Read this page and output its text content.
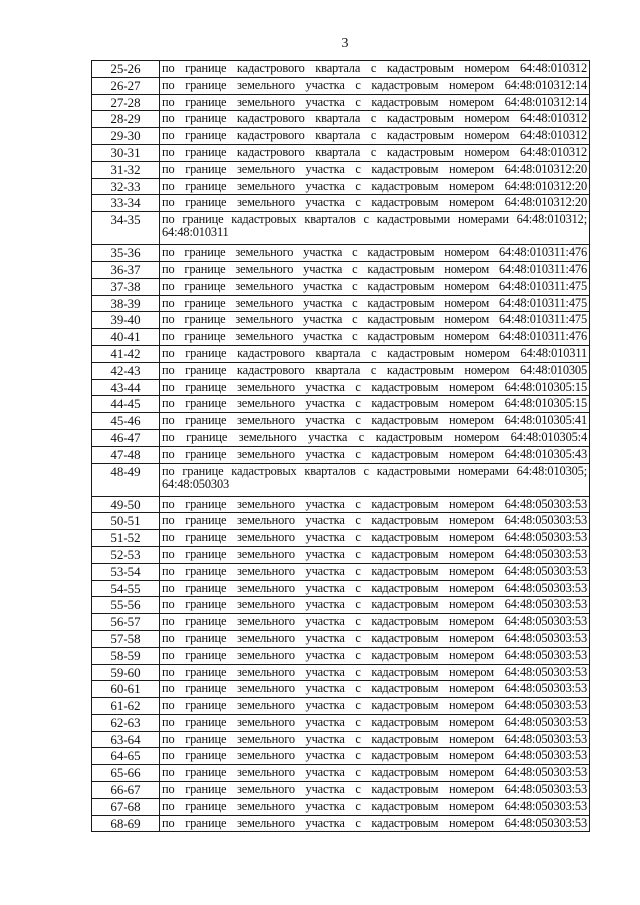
3
25-26	по границе кадастрового квартала с кадастровым номером 64:48:010312
26-27	по границе земельного участка с кадастровым номером 64:48:010312:14
27-28	по границе земельного участка с кадастровым номером 64:48:010312:14
28-29	по границе кадастрового квартала с кадастровым номером 64:48:010312
29-30	по границе кадастрового квартала с кадастровым номером 64:48:010312
30-31	по границе кадастрового квартала с кадастровым номером 64:48:010312
31-32	по границе земельного участка с кадастровым номером 64:48:010312:20
32-33	по границе земельного участка с кадастровым номером 64:48:010312:20
33-34	по границе земельного участка с кадастровым номером 64:48:010312:20
34-35	по границе кадастровых кварталов с кадастровыми номерами 64:48:010312; 64:48:010311
35-36	по границе земельного участка с кадастровым номером 64:48:010311:476
36-37	по границе земельного участка с кадастровым номером 64:48:010311:476
37-38	по границе земельного участка с кадастровым номером 64:48:010311:475
38-39	по границе земельного участка с кадастровым номером 64:48:010311:475
39-40	по границе земельного участка с кадастровым номером 64:48:010311:475
40-41	по границе земельного участка с кадастровым номером 64:48:010311:476
41-42	по границе кадастрового квартала с кадастровым номером 64:48:010311
42-43	по границе кадастрового квартала с кадастровым номером 64:48:010305
43-44	по границе земельного участка с кадастровым номером 64:48:010305:15
44-45	по границе земельного участка с кадастровым номером 64:48:010305:15
45-46	по границе земельного участка с кадастровым номером 64:48:010305:41
46-47	по границе земельного участка с кадастровым номером 64:48:010305:4
47-48	по границе земельного участка с кадастровым номером 64:48:010305:43
48-49	по границе кадастровых кварталов с кадастровыми номерами 64:48:010305; 64:48:050303
49-50	по границе земельного участка с кадастровым номером 64:48:050303:53
50-51	по границе земельного участка с кадастровым номером 64:48:050303:53
51-52	по границе земельного участка с кадастровым номером 64:48:050303:53
52-53	по границе земельного участка с кадастровым номером 64:48:050303:53
53-54	по границе земельного участка с кадастровым номером 64:48:050303:53
54-55	по границе земельного участка с кадастровым номером 64:48:050303:53
55-56	по границе земельного участка с кадастровым номером 64:48:050303:53
56-57	по границе земельного участка с кадастровым номером 64:48:050303:53
57-58	по границе земельного участка с кадастровым номером 64:48:050303:53
58-59	по границе земельного участка с кадастровым номером 64:48:050303:53
59-60	по границе земельного участка с кадастровым номером 64:48:050303:53
60-61	по границе земельного участка с кадастровым номером 64:48:050303:53
61-62	по границе земельного участка с кадастровым номером 64:48:050303:53
62-63	по границе земельного участка с кадастровым номером 64:48:050303:53
63-64	по границе земельного участка с кадастровым номером 64:48:050303:53
64-65	по границе земельного участка с кадастровым номером 64:48:050303:53
65-66	по границе земельного участка с кадастровым номером 64:48:050303:53
66-67	по границе земельного участка с кадастровым номером 64:48:050303:53
67-68	по границе земельного участка с кадастровым номером 64:48:050303:53
68-69	по границе земельного участка с кадастровым номером 64:48:050303:53
